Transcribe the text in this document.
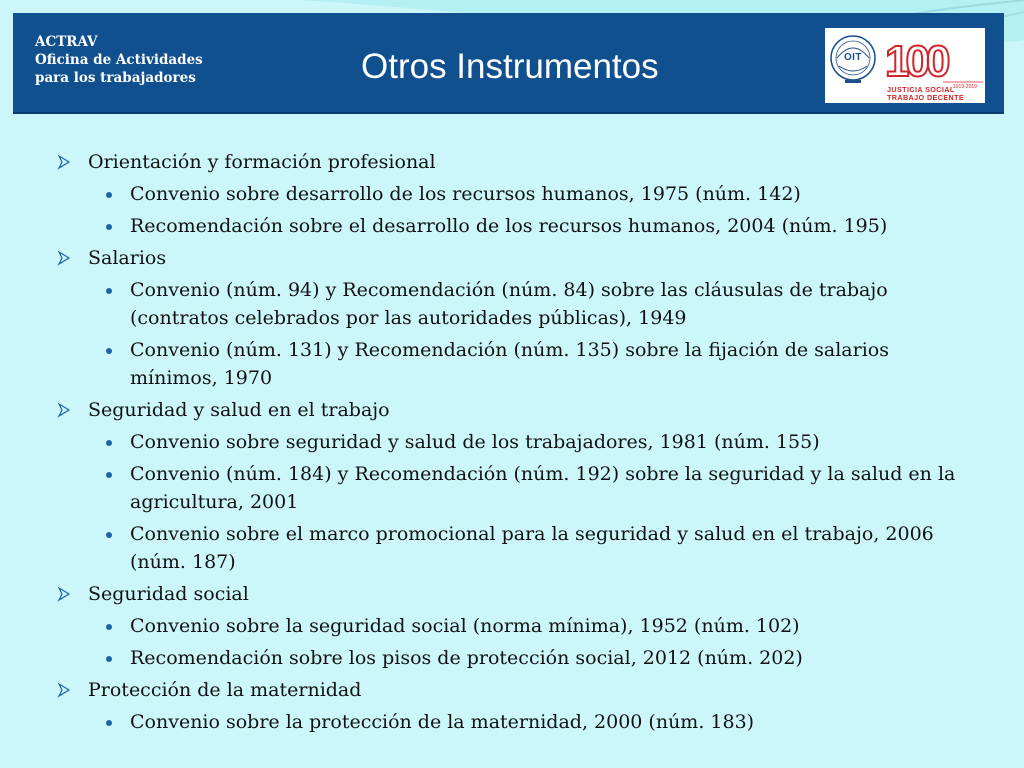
ACTRAV
Oficina de Actividades
para los trabajadores	Otros Instrumentos	100
OIT
1919-2019
JUSTICIA SOCIAL
TRABAJO DECENTE
Orientación y formación profesional
Convenio sobre desarrollo de los recursos humanos, 1975 (núm. 142)
Recomendación sobre el desarrollo de los recursos humanos, 2004 (núm. 195)
Salarios
Convenio (núm. 94) y Recomendación (núm. 84) sobre las cláusulas de trabajo (contratos celebrados por las autoridades públicas), 1949
Convenio (núm. 131) y Recomendación (núm. 135) sobre la fijación de salarios mínimos, 1970
Seguridad y salud en el trabajo
Convenio sobre seguridad y salud de los trabajadores, 1981 (núm. 155)
Convenio (núm. 184) y Recomendación (núm. 192) sobre la seguridad y la salud en la agricultura, 2001
Convenio sobre el marco promocional para la seguridad y salud en el trabajo, 2006 (núm. 187)
Seguridad social
Convenio sobre la seguridad social (norma mínima), 1952 (núm. 102)
Recomendación sobre los pisos de protección social, 2012 (núm. 202)
Protección de la maternidad
Convenio sobre la protección de la maternidad, 2000 (núm. 183)
